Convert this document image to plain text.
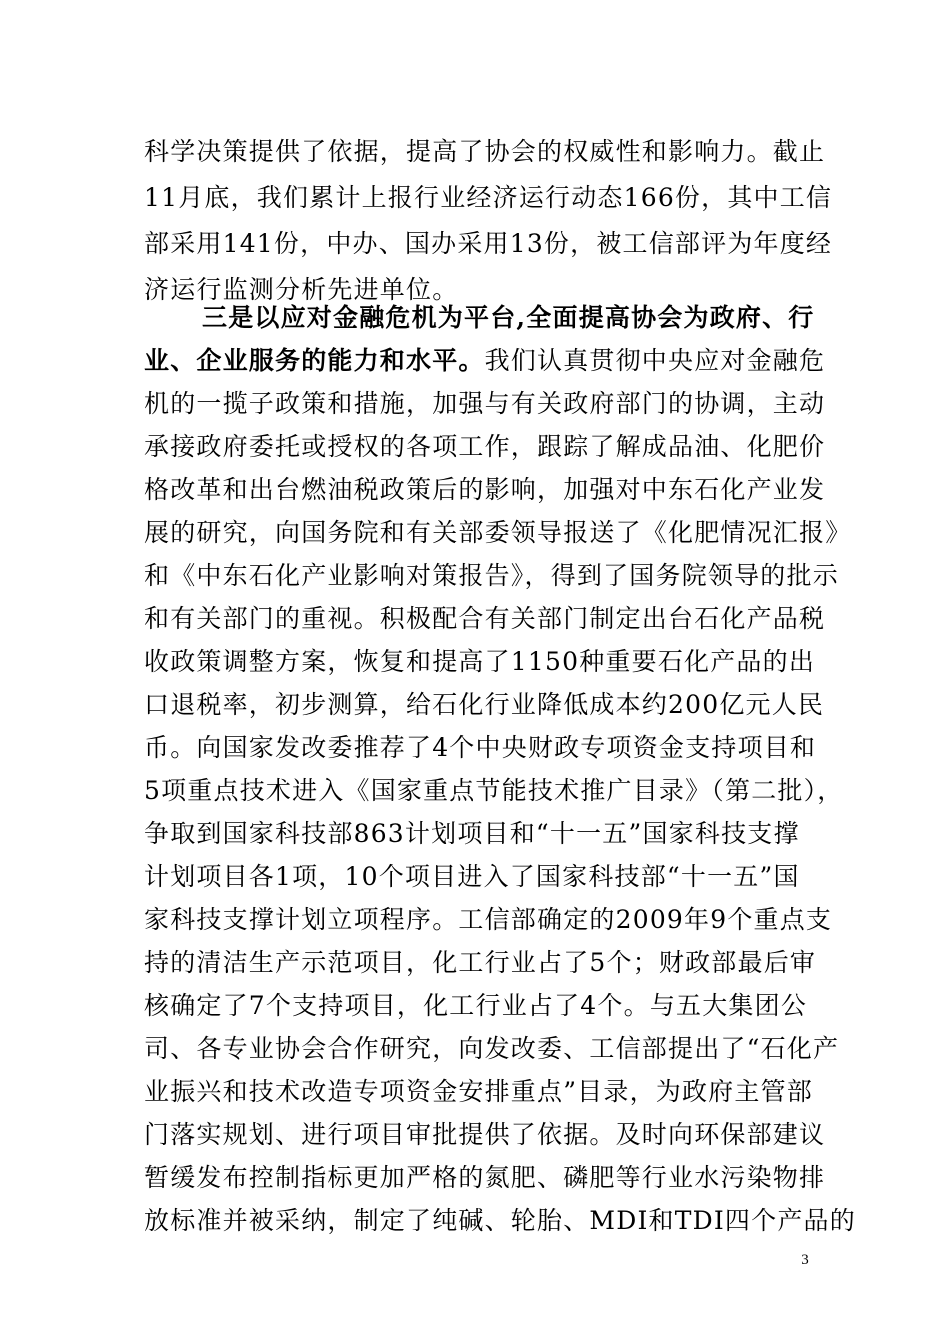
科学决策提供了依据，提高了协会的权威性和影响力。截止
11月底，我们累计上报行业经济运行动态166份，其中工信
部采用141份，中办、国办采用13份，被工信部评为年度经
济运行监测分析先进单位。
三是以应对金融危机为平台,全面提高协会为政府、行
业、企业服务的能力和水平。我们认真贯彻中央应对金融危
机的一揽子政策和措施，加强与有关政府部门的协调，主动
承接政府委托或授权的各项工作，跟踪了解成品油、化肥价
格改革和出台燃油税政策后的影响，加强对中东石化产业发
展的研究，向国务院和有关部委领导报送了《化肥情况汇报》
和《中东石化产业影响对策报告》，得到了国务院领导的批示
和有关部门的重视。积极配合有关部门制定出台石化产品税
收政策调整方案，恢复和提高了1150种重要石化产品的出
口退税率，初步测算，给石化行业降低成本约200亿元人民
币。向国家发改委推荐了4个中央财政专项资金支持项目和
5项重点技术进入《国家重点节能技术推广目录》（第二批），
争取到国家科技部863计划项目和“十一五”国家科技支撑
计划项目各1项，10个项目进入了国家科技部“十一五”国
家科技支撑计划立项程序。工信部确定的2009年9个重点支
持的清洁生产示范项目，化工行业占了5个；财政部最后审
核确定了7个支持项目，化工行业占了4个。与五大集团公
司、各专业协会合作研究，向发改委、工信部提出了“石化产
业振兴和技术改造专项资金安排重点”目录，为政府主管部
门落实规划、进行项目审批提供了依据。及时向环保部建议
暂缓发布控制指标更加严格的氮肥、磷肥等行业水污染物排
放标准并被采纳，制定了纯碱、轮胎、MDI和TDI四个产品的
3
